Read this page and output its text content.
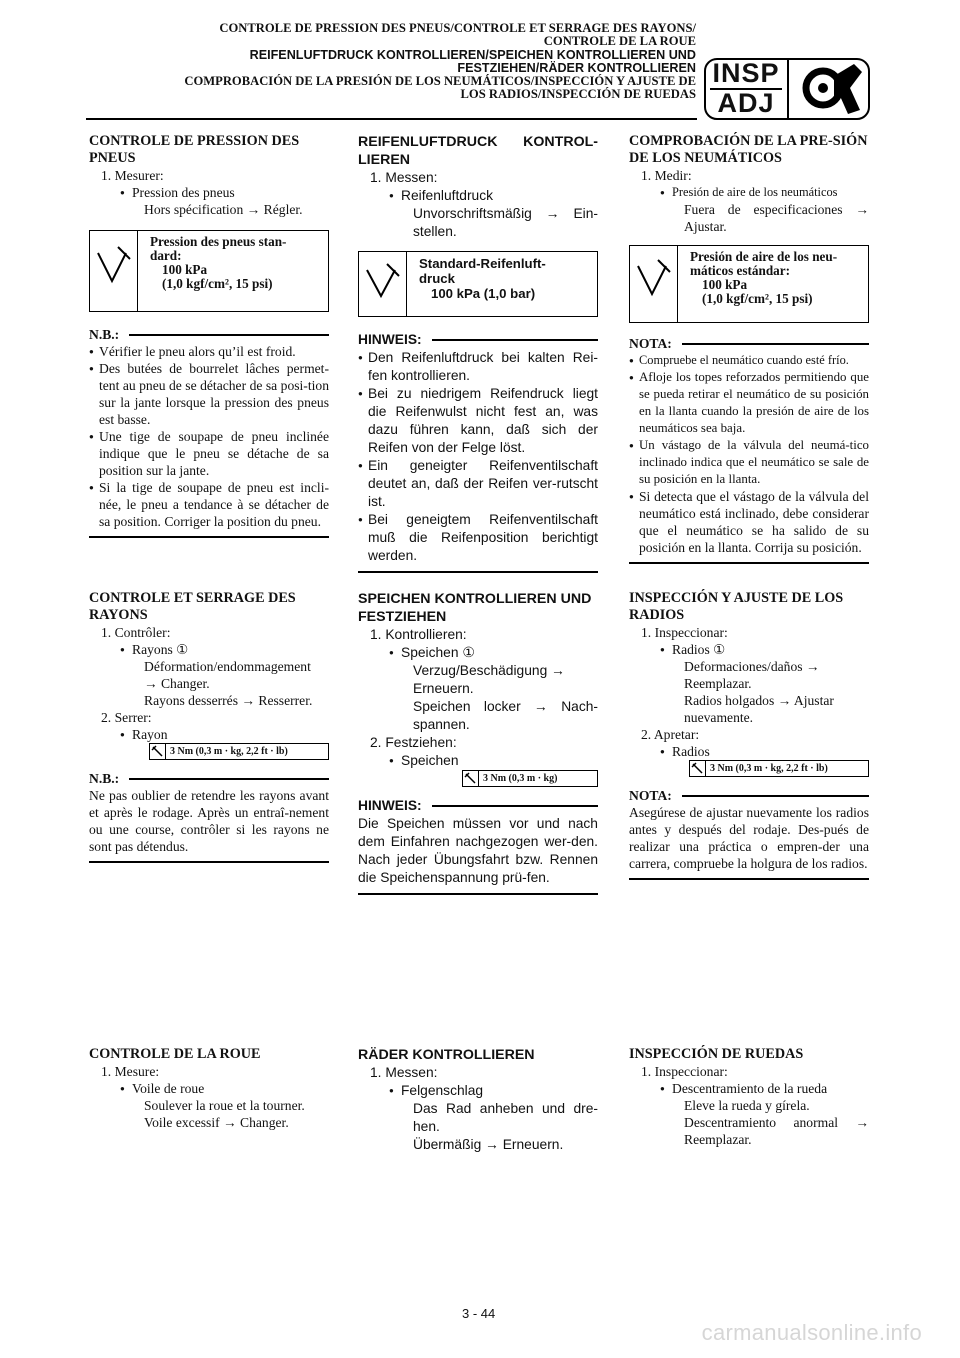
CONTROLE DE PRESSION DES PNEUS/CONTROLE ET SERRAGE DES RAYONS/
CONTROLE DE LA ROUE
REIFENLUFTDRUCK KONTROLLIEREN/SPEICHEN KONTROLLIEREN UND
FESTZIEHEN/RÄDER KONTROLLIEREN
COMPROBACIÓN DE LA PRESIÓN DE LOS NEUMÁTICOS/INSPECCIÓN Y AJUSTE DE
LOS RADIOS/INSPECCIÓN DE RUEDAS
INSP
ADJ
CONTROLE DE PRESSION DES PNEUS
1. Mesurer:
● Pression des pneus
Hors spécification → Régler.
Pression des pneus stan-
dard:
100 kPa
(1,0 kgf/cm², 15 psi)
N.B.:
● Vérifier le pneu alors qu’il est froid.
● Des butées de bourrelet lâches permet-tent au pneu de se détacher de sa posi-tion sur la jante lorsque la pression des pneus est basse.
● Une tige de soupape de pneu inclinée indique que le pneu se détache de sa position sur la jante.
● Si la tige de soupape de pneu est incli-née, le pneu a tendance à se détacher de sa position. Corriger la position du pneu.
CONTROLE ET SERRAGE DES RAYONS
1. Contrôler:
● Rayons ①
Déformation/endommagement
→ Changer.
Rayons desserrés → Resserrer.
2. Serrer:
● Rayon
3 Nm (0,3 m · kg, 2,2 ft · lb)
N.B.:
Ne pas oublier de retendre les rayons avant et après le rodage. Après un entraî-nement ou une course, contrôler si les rayons ne sont pas détendus.
CONTROLE DE LA ROUE
1. Mesure:
● Voile de roue
Soulever la roue et la tourner.
Voile excessif → Changer.
REIFENLUFTDRUCK KONTROL-LIEREN
1. Messen:
● Reifenluftdruck
Unvorschriftsmäßig → Ein-stellen.
Standard-Reifenluft-
druck
100 kPa (1,0 bar)
HINWEIS:
● Den Reifenluftdruck bei kalten Rei-fen kontrollieren.
● Bei zu niedrigem Reifendruck liegt die Reifenwulst nicht fest an, was dazu führen kann, daß sich der Reifen von der Felge löst.
● Ein geneigter Reifenventilschaft deutet an, daß der Reifen ver-rutscht ist.
● Bei geneigtem Reifenventilschaft muß die Reifenposition berichtigt werden.
SPEICHEN KONTROLLIEREN UND FESTZIEHEN
1. Kontrollieren:
● Speichen ①
Verzug/Beschädigung →
Erneuern.
Speichen locker → Nach-spannen.
2. Festziehen:
● Speichen
3 Nm (0,3 m · kg)
HINWEIS:
Die Speichen müssen vor und nach dem Einfahren nachgezogen wer-den. Nach jeder Übungsfahrt bzw. Rennen die Speichenspannung prü-fen.
RÄDER KONTROLLIEREN
1. Messen:
● Felgenschlag
Das Rad anheben und dre-hen.
Übermäßig → Erneuern.
COMPROBACIÓN DE LA PRE-SIÓN DE LOS NEUMÁTICOS
1. Medir:
● Presión de aire de los neumáticos
Fuera de especificaciones → Ajustar.
Presión de aire de los neu-
máticos estándar:
100 kPa
(1,0 kgf/cm², 15 psi)
NOTA:
● Compruebe el neumático cuando esté frío.
● Afloje los topes reforzados permitiendo que se pueda retirar el neumático de su posición en la llanta cuando la presión de aire de los neumáticos sea baja.
● Un vástago de la válvula del neumá-tico inclinado indica que el neumático se sale de su posición en la llanta.
● Si detecta que el vástago de la válvula del neumático está inclinado, debe considerar que el neumático se ha salido de su posición en la llanta. Corrija su posición.
INSPECCIÓN Y AJUSTE DE LOS RADIOS
1. Inspeccionar:
● Radios ①
Deformaciones/daños →
Reemplazar.
Radios holgados → Ajustar nuevamente.
2. Apretar:
● Radios
3 Nm (0,3 m · kg, 2,2 ft · lb)
NOTA:
Asegúrese de ajustar nuevamente los radios antes y después del rodaje. Des-pués de realizar una práctica o empren-der una carrera, compruebe la holgura de los radios.
INSPECCIÓN DE RUEDAS
1. Inspeccionar:
● Descentramiento de la rueda
Eleve la rueda y gírela.
Descentramiento anormal → Reemplazar.
3 - 44
carmanualsonline.info
